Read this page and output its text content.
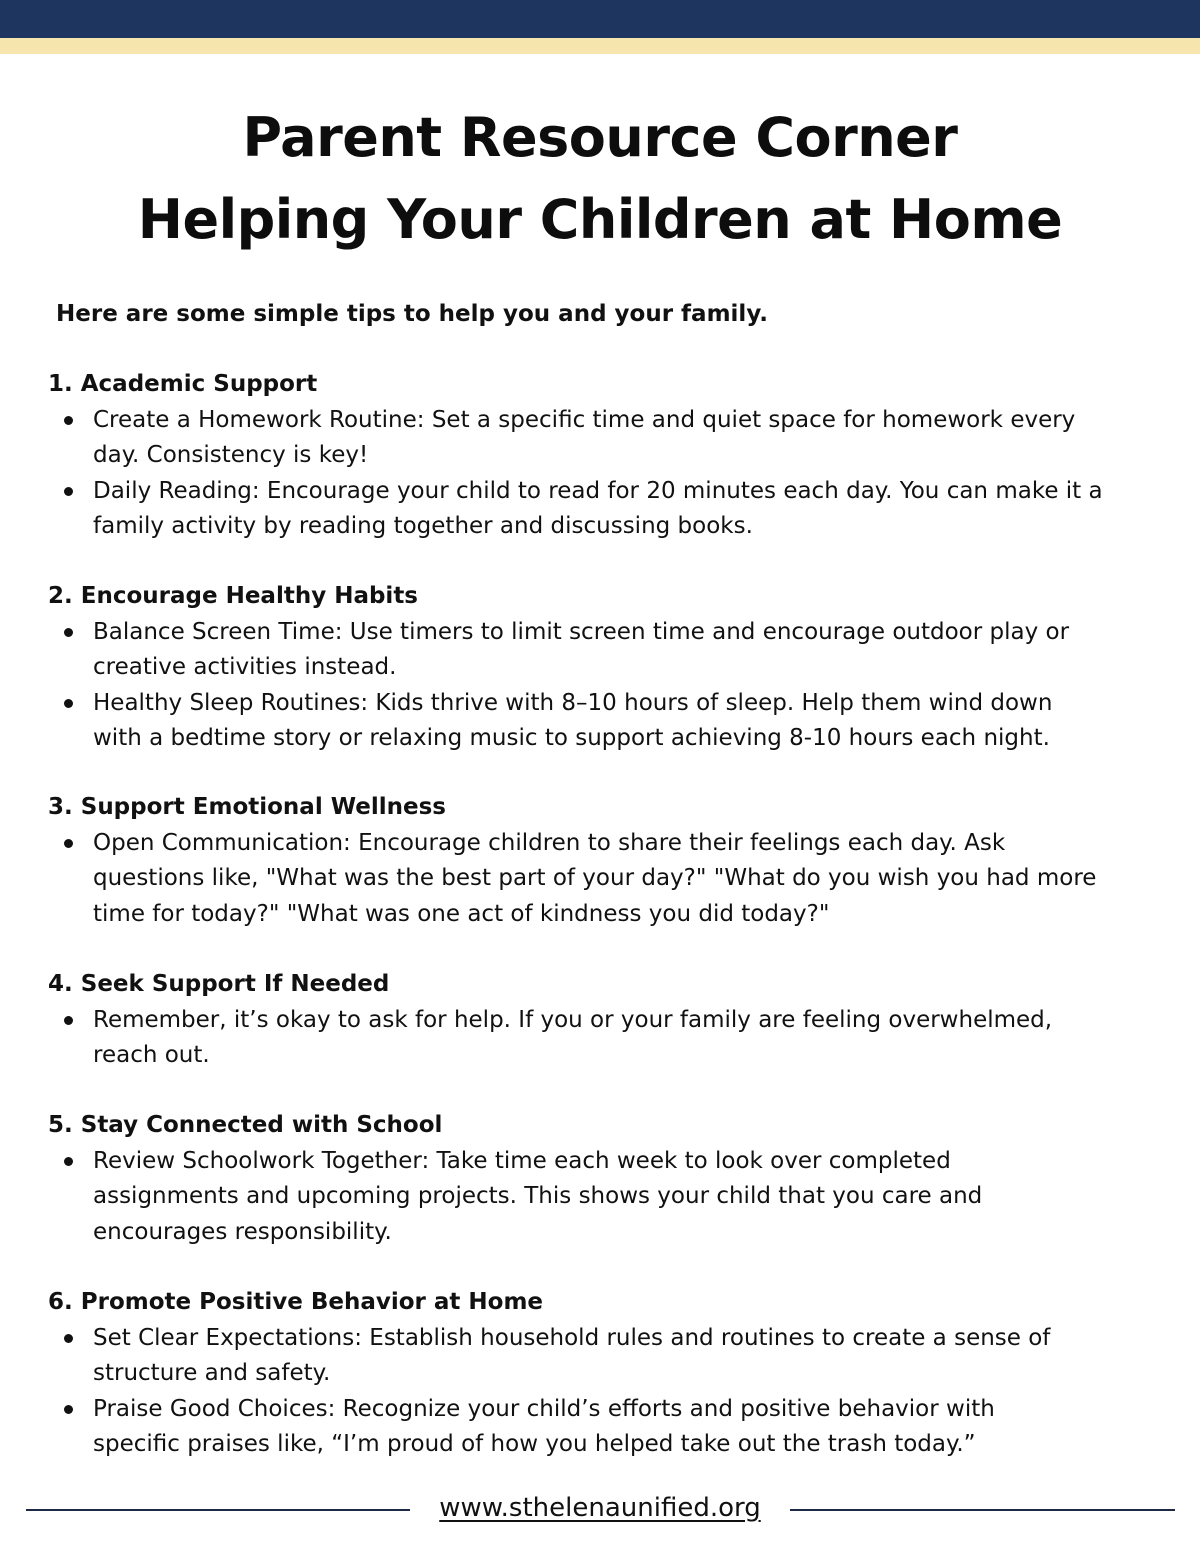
Parent Resource Corner
Helping Your Children at Home

Here are some simple tips to help you and your family.

1. Academic Support

Create a Homework Routine: Set a specific time and quiet space for homework every
day. Consistency is key!
Daily Reading: Encourage your child to read for 20 minutes each day. You can make it a
family activity by reading together and discussing books.

2. Encourage Healthy Habits

Balance Screen Time: Use timers to limit screen time and encourage outdoor play or
creative activities instead.
Healthy Sleep Routines: Kids thrive with 8–10 hours of sleep. Help them wind down
with a bedtime story or relaxing music to support achieving 8-10 hours each night.

3. Support Emotional Wellness

Open Communication: Encourage children to share their feelings each day. Ask
questions like, "What was the best part of your day?" "What do you wish you had more
time for today?" "What was one act of kindness you did today?"

4. Seek Support If Needed

Remember, it’s okay to ask for help. If you or your family are feeling overwhelmed,
reach out.

5. Stay Connected with School

Review Schoolwork Together: Take time each week to look over completed
assignments and upcoming projects. This shows your child that you care and
encourages responsibility.

6. Promote Positive Behavior at Home

Set Clear Expectations: Establish household rules and routines to create a sense of
structure and safety.
Praise Good Choices: Recognize your child’s efforts and positive behavior with
specific praises like, “I’m proud of how you helped take out the trash today.”
www.sthelenaunified.org
